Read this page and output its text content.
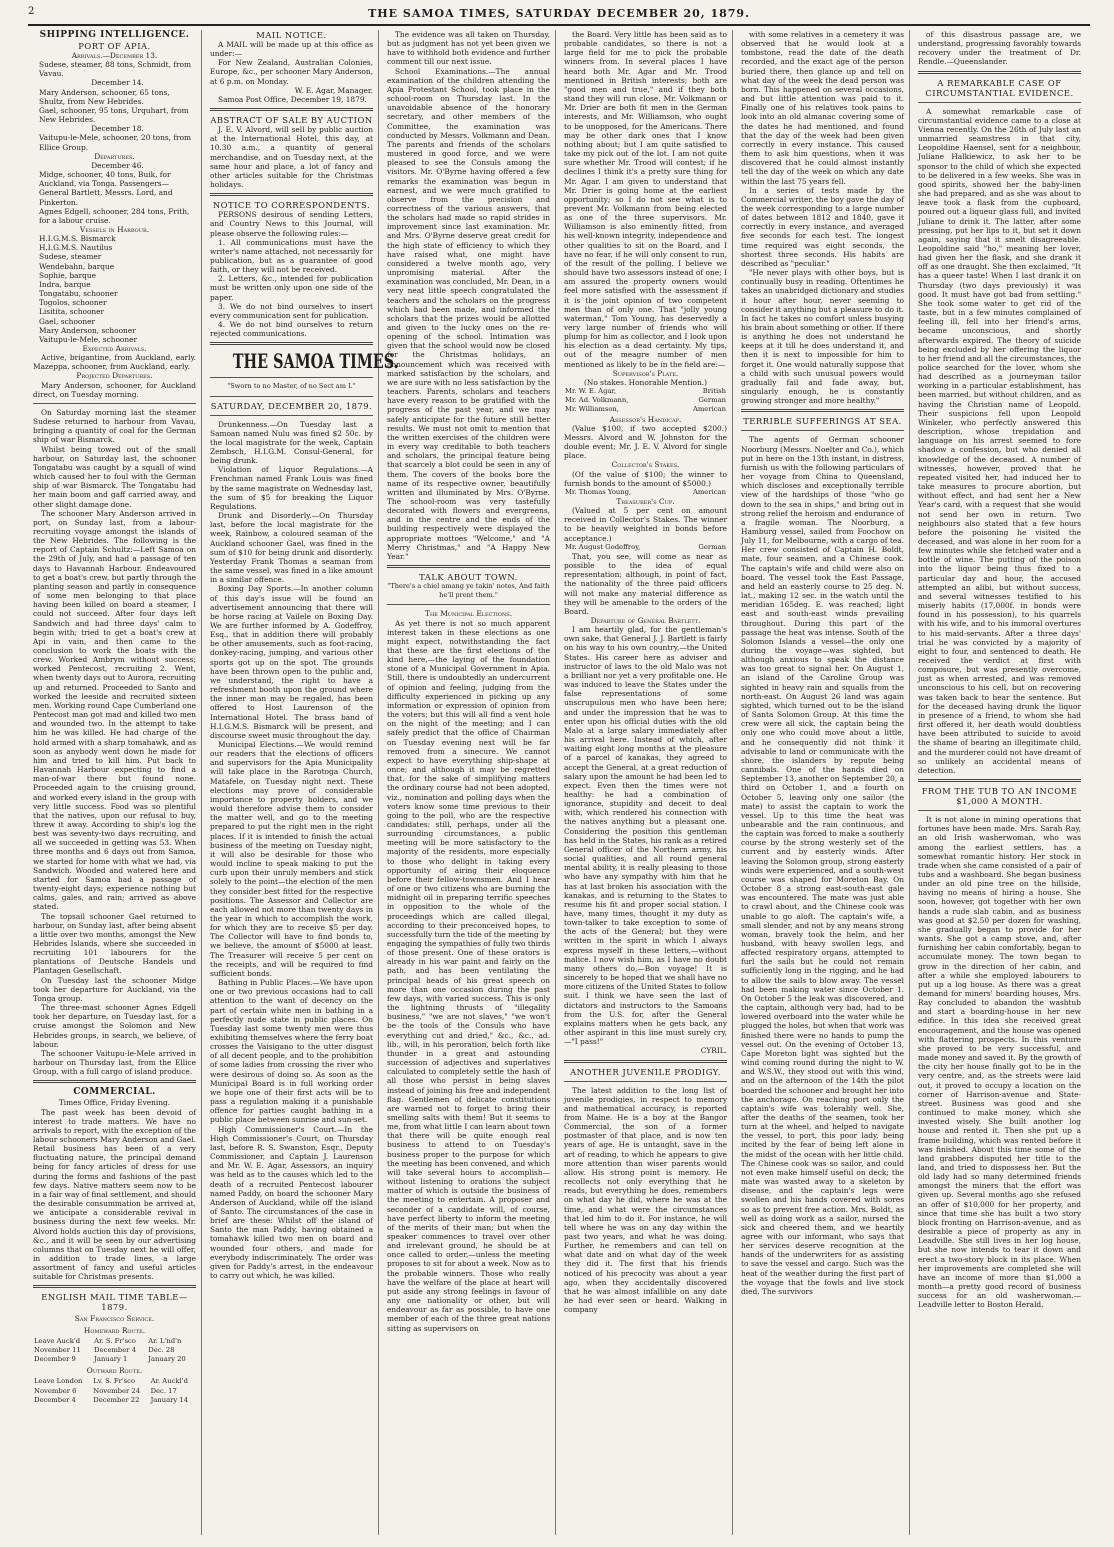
2	THE SAMOA TIMES, SATURDAY DECEMBER 20, 1879.
SHIPPING INTELLIGENCE.
PORT OF APIA.
Arrivals.—December 13.
Sudese, steamer, 88 tons, Schmidt, from Vavau.
December 14.
Mary Anderson, schooner, 65 tons, Shultz, from New Hebrides.
Gael, schooner, 95 tons, Urquhart, from New Hebrides.
December 18.
Vaitupu-le-Mele, schooner, 20 tons, from Ellice Group.
Departures.
December 46.
Midge, schooner, 40 tons, Buik, for Auckland, via Tonga. Passengers—General Bartlett, Messrs. Lord, and Pinkerton.
Agnes Edgell, schooner, 284 tons, Frith, for a labour cruise.
Vessels in Harbour.
H.I.G.M.S. Bismarck
H.I.G.M.S. Nautilus
Sudese, steamer
Wendebahn, barque
Sophie, barque
Indra, barque
Tongatabu, schooner
Togolos, schooner
Lisitita, schooner
Gael, schooner
Mary Anderson, schooner
Vaitupu-le-Mele, schooner
Expected Arrivals.

Active, brigantine, from Auckland, early. Mazeppa, schooner, from Auckland, early.

Projected Departures.

Mary Anderson, schooner, for Auckland direct, on Tuesday morning.

On Saturday morning last the steamer Sudese returned to harbour from Vavau, bringing a quantity of coal for the German ship of war Bismarck.

Whilst being towed out of the small harbour, on Saturday last, the schooner Tongatabu was caught by a squall of wind which caused her to foul with the German ship of war Bismarck. The Tongatabu had her main boom and gaff carried away, and other slight damage done.

The schooner Mary Anderson arrived in port, on Sunday last, from a labour-recruiting voyage amongst the islands of the New Hebrides. The following is the report of Captain Schultz:—Left Samoa on the 29th of July, and had a passage of ten days to Havannah Harbour. Endeavoured to get a boat's crew, but partly through the planting season and partly in consequence of some men belonging to that place having been killed on board a steamer, I could not succeed. After four days left Sandwich and had three days' calm to begin with; tried to get a boat's crew at Api in vain, and then came to the conclusion to work the boats with the crew. Worked Ambrym without success; worked Pentecost, recruiting 2. Went, when twenty days out to Aurora, recruiting up and returned. Proceeded to Santo and worked the leeside and recruited sixteen men. Working round Cape Cumberland one Pentecost man got mad and killed two men and wounded two. In the attempt to take him he was killed. He had charge of the hold armed with a sharp tomahawk, and as soon as anybody went down he made for him and tried to kill him. Put back to Havannah Harbour expecting to find a man-of-war there but found none. Proceeded again to the cruising ground, and worked every island in the group with very little success. Food was so plentiful that the natives, upon our refusal to buy, threw it away. According to ship's log the best was seventy-two days recruiting, and all we succeeded in getting was 53. When three months and 6 days out from Samoa, we started for home with what we had, via Sandwich. Wooded and watered here and started for Samoa had a passage of twenty-eight days; experience nothing but calms, gales, and rain; arrived as above stated.

The topsail schooner Gael returned to harbour, on Sunday last, after being absent a little over two months, amongst the New Hebrides Islands, where she succeeded in recruiting 101 labourers for the plantations of Deutsche Handels und Plantagen Gesellschaft.

On Tuesday last the schooner Midge took her departure for Auckland, via the Tonga group.

The three-mast schooner Agnes Edgell took her departure, on Tuesday last, for a cruise amongst the Solomon and New Hebrides groups, in search, we believe, of labour.

The schooner Vaitupu-le-Mele arrived in harbour on Thursday last, from the Ellice Group, with a full cargo of island produce.

COMMERCIAL.

Times Office, Friday Evening.

The past week has been devoid of interest to trade matters. We have no arrivals to report, with the exception of the labour schooners Mary Anderson and Gael. Retail business has been of a very fluctuating nature, the principal demand being for fancy articles of dress for use during the forms and fashions of the past few days. Native matters seem now to be in a fair way of final settlement, and should the desirable consummation be arrived at, we anticipate a considerable revival in business during the next few weeks. Mr. Alvord holds auction this day of provisions, &c., and it will be seen by our advertising columns that on Tuesday next he will offer, in addition to trade lines, a large assortment of fancy and useful articles suitable for Christmas presents.

ENGLISH MAIL TIME TABLE—1879.
San Francisco Service.
Homeward Route.
Leave Auck'd	Ar. S. Fr'sco	Ar. L'nd'n
November 11	December 4	Dec. 28
December 9	January 1	January 20
Outward Route.
Leave London	Lv. S. Fr'sco	Ar. Auckl'd
November 6	November 24	Dec. 17
December 4	December 22	January 14
MAIL NOTICE.

A MAIL will be made up at this office as under:—

For New Zealand, Australian Colonies, Europe, &c., per schooner Mary Anderson, at 6 p.m. on Monday.

W. E. Agar, Manager.

Samoa Post Office, December 19, 1879.

ABSTRACT OF SALE BY AUCTION

J. E. V. Alvord, will sell by public auction at the International Hotel, this day, at 10.30 a.m., a quantity of general merchandise, and on Tuesday next, at the same hour and place, a lot of fancy and other articles suitable for the Christmas holidays.

NOTICE TO CORRESPONDENTS.

PERSONS desirous of sending Letters, and Country News to this Journal, will please observe the following rules:—

1. All communications must have the writer's name attached, not necessarily for publication, but as a guarantee of good faith, or they will not be received.

2. Letters, &c., intended for publication must be written only upon one side of the paper.

3. We do not bind ourselves to insert every communication sent for publication.

4. We do not bind ourselves to return rejected communications.

THE SAMOA TIMES.

"Sworn to no Master, of no Sect am I."

SATURDAY, DECEMBER 20, 1879.

Drunkenness.—On Tuesday last a Samoan named Nulu was fined $2 50c. by the local magistrate for the week, Captain Zembsch, H.I.G.M. Consul-General, for being drunk.

Violation of Liquor Regulations.—A Frenchman named Frank Louis was fined by the same magistrate on Wednesday last, the sum of $5 for breaking the Liquor Regulations.

Drunk and Disorderly.—On Thursday last, before the local magistrate for the week, Rainbow, a coloured seaman of the Auckland schooner Gael, was fined in the sum of $10 for being drunk and disorderly. Yesterday Frank Thomas a seaman from the same vessel, was fined in a like amount in a similar offence.

Boxing Day Sports.—In another column of this day's issue will be found an advertisement announcing that there will be horse racing at Vailele on Boxing Day. We are further informed by A. Godeffroy, Esq., that in addition there will probably be other amusements, such as foot-racing, donkey-racing, jumping, and various other sports got up on the spot. The grounds have been thrown open to the public and, we understand, the right to have a refreshment booth upon the ground where the inner man may be regaled, has been offered to Host Laurenson of the International Hotel. The brass band of H.I.G.M.S. Bismarck will be present, and discourse sweet music throughout the day.

Municipal Elections.—We would remind our readers that the elections of officers and supervisors for the Apia Municipality will take place in the Rarotoga Church, Matafele, on Tuesday night next. These elections may prove of considerable importance to property holders, and we would therefore advise them to consider the matter well, and go to the meeting prepared to put the right men in the right places. If it is intended to finish the actual business of the meeting on Tuesday night, it will also be desirable for those who would incline to speak making to put the curb upon their unruly members and stick solely to the point—the election of the men they consider best fitted for the respective positions. The Assessor and Collector are each allowed not more than twenty days in the year in which to accomplish the work, for which they are to receive $5 per day. The Collector will have to find bonds to, we believe, the amount of $5000 at least. The Treasurer will receive 5 per cent on the receipts, and will be required to find sufficient bonds.

Bathing in Public Places.—We have upon one or two previous occasions had to call attention to the want of decency on the part of certain white men in bathing in a perfectly nude state in public places. On Tuesday last some twenty men were thus exhibiting themselves where the ferry boat crosses the Vaisigano to the utter disgust of all decent people, and to the prohibition of some ladies from crossing the river who were desirous of doing so. As soon as the Municipal Board is in full working order we hope one of their first acts will be to pass a regulation making it a punishable offence for parties caught bathing in a public place between sunrise and sun-set.

High Commissioner's Court.—In the High Commissioner's Court, on Thursday last, before R. S. Swanston, Esqr., Deputy Commissioner, and Captain J. Laurenson and Mr. W. E. Agar, Assessors, an inquiry was held as to the causes which led to the death of a recruited Pentecost labourer named Paddy, on board the schooner Mary Anderson of Auckland, while off the island of Santo. The circumstances of the case in brief are these: Whilst off the island of Santo the man Paddy, having obtained a tomahawk killed two men on board and wounded four others, and made for everybody indiscriminately. The order was given for Paddy's arrest, in the endeavour to carry out which, he was killed.

The evidence was all taken on Thursday, but as judgment has not yet been given we have to withhold both evidence and further comment till our next issue.

School Examinations.—The annual examination of the children attending the Apia Protestant School, took place in the school-room on Thursday last. In the unavoidable absence of the honorary secretary, and other members of the Committee, the examination was conducted by Messrs. Volkmann and Dean. The parents and friends of the scholars mustered in good force, and we were pleased to see the Consuls among the visitors. Mr. O'Byrne having offered a few remarks the examination was begun in earnest, and we were much gratified to observe from the precision and correctness of the various answers, that the scholars had made so rapid strides in improvement since last examination. Mr. and Mrs. O'Byrne deserve great credit for the high state of efficiency to which they have raised what, one might have considered a twelve month ago, very unpromising material. After the examination was concluded, Mr. Dean, in a very neat little speech congratulated the teachers and the scholars on the progress which had been made, and informed the scholars that the prizes would be allotted and given to the lucky ones on the re-opening of the school. Intimation was given that the school would now be closed for the Christmas holidays, an announcement which was received with marked satisfaction by the scholars, and we are sure with no less satisfaction by the teachers. Parents, scholars and teachers have every reason to be gratified with the progress of the past year, and we may safely anticipate for the future still better results. We must not omit to mention that the written exercises of the children were in every way creditable to both teachers and scholars, the principal feature being that scarcely a blot could be seen in any of them. The covers of the books bore the name of its respective owner, beautifully written and illuminated by Mrs. O'Byrne. The school-room was very tastefully decorated with flowers and evergreens, and in the centre and the ends of the building respectively were displayed the appropriate mottoes "Welcome," and "A Merry Christmas," and "A Happy New Year."

TALK ABOUT TOWN.

"There's a chiel amang ye takin' notes, And faith he'll prent them."

The Municipal Elections.

As yet there is not so much apparent interest taken in these elections as one might expect, notwithstanding the fact that these are the first elections of the kind here,—the laying of the foundation stone of a Municipal Government in Apia. Still, there is undoubtedly an undercurrent of opinion and feeling, judging from the difficulty experienced in picking up any information or expression of opinion from the voters; but this will all find a vent hole on the night of the meeting; and I can safely predict that the office of Chairman on Tuesday evening next will be far removed from a sinecure. We cannot expect to have everything ship-shape at once; and although it may be regretted that, for the sake of simplifying matters the ordinary course had not been adopted, viz., nomination and polling days when the voters know some time previous to their going to the poll, who are the respective candidates: still, perhaps, under all the surrounding circumstances, a public meeting will be more satisfactory to the majority of the residents, more especially to those who delight in taking every opportunity of airing their eloquence before their fellow-townsmen. And I hear of one or two citizens who are burning the midnight oil in preparing terrific speeches in opposition to the whole of the proceedings which are called illegal, according to their preconceived hopes, to successfully turn the tide of the meeting by engaging the sympathies of fully two thirds of those present. One of these orators is already in his war paint and fairly on the path, and has been ventilating the principal heads of his great speech on more than one occasion during the past few days, with varied success. This is only the lightning thrusts of "illegality business," "we are not slaves," "we won't be the tools of the Consuls who have everything cut and dried," &c., &c., ad. lib., will, in his peroration, belch forth like thunder in a great and astounding succession of adjectives and superlatives calculated to completely settle the hash of all those who persist in being slaves instead of joining his free and independent flag. Gentlemen of delicate constitutions are warned not to forget to bring their smelling salts with them! But it seems to me, from what little I can learn about town that there will be quite enough real business to attend to on Tuesday's business proper to the purpose for which the meeting has been convened, and which will take several hours to accomplish—without listening to orations the subject matter of which is outside the business of the meeting to entertain. A proposer and seconder of a candidate will, of course, have perfect liberty to inform the meeting of the merits of their man; but when the speaker commences to travel over other and irrelevant ground, he should be at once called to order,—unless the meeting proposes to sit for about a week. Now as to the probable winners. Those who really have the welfare of the place at heart will put aside any strong feelings in favour of any one nationality or other, but will endeavour as far as possible, to have one member of each of the three great nations sitting as supervisors on

the Board. Very little has been said as to probable candidates, so there is not a large field for me to pick the probable winners from. In several places I have heard both Mr. Agar and Mr. Trood mentioned in British interests; both are "good men and true," and if they both stand they will run close. Mr. Volkmann or Mr. Drier are both fit men in the German interests, and Mr. Williamson, who ought to be unopposed, for the Americans. There may be other dark ones that I know nothing about; but I am quite satisfied to take my pick out of the lot. I am not quite sure whether Mr. Trood will contest; if he declines I think it's a pretty sure thing for Mr. Agar. I am given to understand that Mr. Drier is going home at the earliest opportunity; so I do not see what is to prevent Mr. Volkmann from being elected as one of the three supervisors. Mr. Williamson is also eminently fitted, from his well-known integrity, independence and other qualities to sit on the Board, and I have no fear, if he will only consent to run, of the result of the polling. I believe we should have two assessors instead of one; I am assured the property owners would feel more satisfied with the assessment if it is the joint opinion of two competent men than of only one. That "jolly young waterman," Tom Young, has deservedly a very large number of friends who will plump for him as collector, and I look upon his election as a dead certainty. My tips, out of the meagre number of men mentioned as likely to be in the field are:—

Supervisor's Plate.

(No stakes. Honorable Mention.)

Mr. W. E. Agar,	British
Mr. Ad. Volkmann,	German
Mr. Williamson,	American
Assessor's Handicap.

(Value $100, if two accepted $200.) Messrs. Alvord and W. Johnston for the double event; Mr. J. E. V. Alvord for single place.

Collector's Stakes.

(Of the value of $100; the winner to furnish bonds to the amount of $5000.)

Mr. Thomas Young,	American
Treasurer's Cup.

(Valued at 5 per cent on amount received in Collector's Stakes. The winner to be heavily weighted in bonds before acceptance.)

Mr. August Godeffroy,	German

That, you see, will come as near as possible to the idea of equal representation; although, in point of fact, the nationality of the three paid officers will not make any material difference as they will be amenable to the orders of the Board.

Departure of General Bartlett.

I am heartily glad, for the gentleman's own sake, that General J. J. Bartlett is fairly on his way to his own country,—the United States. His career here as adviser and instructor of laws to the old Malo was not a brilliant nor yet a very profitable one. He was induced to leave the States under the false representations of some unscrupulous men who have been here; and under the impression that he was to enter upon his official duties with the old Malo at a large salary immediately after his arrival here. Instead of which, after waiting eight long months at the pleasure of a parcel of kanakas, they agreed to accept the General, at a great reduction of salary upon the amount he had been led to expect. Even then the times were not healthy: he had a combination of ignorance, stupidity and deceit to deal with, which rendered his connection with the natives anything but a pleasant one. Considering the position this gentleman has held in the States, his rank as a retired General officer of the Northern army, his social qualities, and all round general mental ability, it is really pleasing to those who have any sympathy with him that he has at last broken his association with the kanakas, and is returning to the States to resume his fit and proper social station. I have, many times, thought it my duty as town-talker to take exception to some of the acts of the General; but they were written in the spirit in which I always express myself in these letters,—without malice. I now wish him, as I have no doubt many others do,—Bon voyage! It is sincerely to be hoped that we shall have no more citizens of the United States to follow suit. I think we have seen the last of dictators and instructors to the Samoans from the U.S. for, after the General explains matters when he gets back, any other aspirant in this line must surely cry,—"I pass!"

CYRIL.

ANOTHER JUVENILE PRODIGY.

The latest addition to the long list of juvenile prodigies, in respect to memory and mathematical accuracy, is reported from Maine. He is a boy at the Bangor Commercial, the son of a former postmaster of that place, and is now ten years of age. He is untaught, save in the art of reading, to which he appears to give more attention than wiser parents would allow. His strong point is memory. He recollects not only everything that he reads, but everything he does, remembers on what day he did, where he was at the time, and what were the circumstances that led him to do it. For instance, he will tell where he was on any day within the past two years, and what he was doing. Further, he remembers and can tell on what date and on what day of the week they did it. The first that his friends noticed of his precocity was about a year ago, when they accidentally discovered that he was almost infallible on any date he had ever seen or heard. Walking in company

with some relatives in a cemetery it was observed that he would look at a tombstone, read the date of the death recorded, and the exact age of the person buried there, then glance up and tell on what day of the week the dead person was born. This happened on several occasions, and but little attention was paid to it. Finally one of his relatives took pains to look into an old almanac covering some of the dates he had mentioned, and found that the day of the week had been given correctly in every instance. This caused them to ask him questions, when it was discovered that he could almost instantly tell the day of the week on which any date within the last 75 years fell.

In a series of tests made by the Commercial writer, the boy gave the day of the week corresponding to a large number of dates between 1812 and 1840, gave it correctly in every instance, and averaged five seconds for each test. The longest time required was eight seconds, the shortest three seconds. His habits are described as "peculiar."

"He never plays with other boys, but is continually busy in reading. Oftentimes he takes an unabridged dictionary and studies it hour after hour, never seeming to consider it anything but a pleasure to do it. In fact he takes no comfort unless busying his brain about something or other. If there is anything he does not understand he keeps at it till he does understand it, and then it is next to impossible for him to forget it. One would naturally suppose that a child with such unusual powers would gradually fail and fade away, but, singularly enough, he is constantly growing stronger and more healthy."

TERRIBLE SUFFERINGS AT SEA.

The agents of German schooner Noorburg (Messrs. Noelter and Co.), which put in here on the 13th instant, in distress, furnish us with the following particulars of her voyage from China to Queensland, which discloses and exceptionally terrible view of the hardships of those "who go down to the sea in ships," and bring out in strong relief the heroism and endurance of a fragile woman. The Noorburg, a Hamburg vessel, sailed from Foochow on July 11, for Melbourne, with a cargo of tea. Her crew consisted of Captain H. Boldt, mate, four seamen, and a Chinese cook. The captain's wife and child were also on board. The vessel took the East Passage, and held an easterly course to 25 deg. N. lat., making 12 sec. in the watch until the meridian 165deg. E. was reached; light east and south-east winds prevailing throughout. During this part of the passage the heat was intense. South of the Solomon Islands a vessel—the only one during the voyage—was sighted, but although anxious to speak the distance was too great to signal her. On August 1, an island of the Caroline Group was sighted in heavy rain and squalls from the north-east. On August 26 land was again sighted, which turned out to be the island of Santa Solomon Group. At this time the crew were all sick, the captain being the only one who could move about a little, and he consequently did not think it advisable to land or communicate with the shore, the islanders by repute being cannibals. One of the hands died on September 13, another on September 20, a third on October 1, and a fourth on October 5, leaving only one sailor (the mate) to assist the captain to work the vessel. Up to this time the heat was unbearable and the rain continuous, and the captain was forced to make a southerly course by the strong westerly set of the current and by easterly winds. After leaving the Solomon group, strong easterly winds were experienced, and a south-west course was shaped for Moreton Bay. On October 8 a strong east-south-east gale was encountered. The mate was just able to crawl about, and the Chinese cook was unable to go aloft. The captain's wife, a small slender, and not by any means strong woman, bravely took the helm, and her husband, with heavy swollen legs, and affected respiratory organs, attempted to furl the sails but he could not remain sufficiently long in the rigging, and he had to allow the sails to blow away. The vessel had been making water since October 1. On October 5 the leak was discovered, and the captain, although very bad, had to be lowered overboard into the water while he plugged the holes, but when that work was finished there were no hands to pump the vessel out. On the evening of October 13, Cape Moreton light was sighted but the wind coming round during the night to W. and W.S.W., they stood out with this wind, and on the afternoon of the 14th the pilot boarded the schooner and brought her into the anchorage. On reaching port only the captain's wife was tolerably well. She, after the deaths of the seamen, took her turn at the wheel, and helped to navigate the vessel, to port, this poor lady, being incited by the fear of being left alone in the midst of the ocean with her little child. The Chinese cook was so sailor, and could not even make himself useful on deck; the mate was wasted away to a skeleton by disease, and the captain's legs were swollen and his hands covered with sores so as to prevent free action. Mrs. Boldt, as well as doing work as a sailor, nursed the sick and cheered them, and we heartily agree with our informant, who says that her services deserve recognition at the hands of the underwriters for as assisting to save the vessel and cargo. Such was the heat of the weather during the first part of the voyage that the fowls and live stock died. The survivors

of this disastrous passage are, we understand, progressing favorably towards recovery under the treatment of Dr. Rendle.—Queenslander.

A REMARKABLE CASE OF CIRCUMSTANTIAL EVIDENCE.

A somewhat remarkable case of circumstantial evidence came to a close at Vienna recently. On the 26th of July last an unmarried seamstress in that city, Leopoldine Haensel, sent for a neighbour, Juliane Halkiewicz, to ask her to be sponsor to the child of which she expected to be delivered in a few weeks. She was in good spirits, showed her the baby-linen she had prepared, and as she was about to leave took a flask from the cupboard, poured out a liqueur glass full, and invited Juliane to drink it. The latter, after some pressing, put her lips to it, but set it down again, saying that it smelt disagreeable. Leopoldine said "ho," meaning her lover, had given her the flask, and she drank it off as one draught. She then exclaimed, "It has a queer taste! When I last drank it on Thursday (two days previously) it was good. It must have got bad from settling." She took some water to get rid of the taste, but in a few minutes complained of feeling ill, fell into her friend's arms, became unconscious, and shortly afterwards expired. The theory of suicide being excluded by her offering the liquor to her friend and all the circumstances, the police searched for the lover, whom she had described as a journeyman tailor working in a particular establishment, has been married, but without children, and as having the Christian name of Leopold. Their suspicions fell upon Leopold Winkeler, who perfectly answered this description, whose trepidation and language on his arrest seemed to fore shadow a confession, but who denied all knowledge of the deceased. A number of witnesses, however, proved that he repeated visited her, had induced her to take measures to procure abortion, but without effect, and had sent her a New Year's card, with a request that she would not send her own in return. Two neighbours also stated that a few hours before the poisoning he visited the deceased, and was alone in her room for a few minutes while she fetched water and a bottle of wine. The putting of the poison into the liquor being thus fixed to a particular day and hour, the accused attempted an alibi, but without success, and several witnesses testified to his miserly habits (17,000f. in bonds were found in his possession), to his quarrels with his wife, and to his immoral overtures to his maid-servants. After a three days' trial he was convicted by a majority of eight to four, and sentenced to death. He received the verdict at first with composure, but was presently overcome, just as when arrested, and was removed unconscious to his cell, but on recovering was taken back to hear the sentence. But for the deceased having drunk the liquor in presence of a friend, to whom she had first offered it, her death would doubtless have been attributed to suicide to avoid the shame of bearing an illegitimate child, and the murderer could not have dreamt of so unlikely an accidental means of detection.

FROM THE TUB TO AN INCOME $1,000 A MONTH.

It is not alone in mining operations that fortunes have been made. Mrs. Sarah Ray, an old Irish washerwoman, who was among the earliest settlers, has a somewhat romantic history. Her stock in trade when she came consisted of a pair of tubs and a washboard. She began business under an old pine tree on the hillside, having no means of hiring a house. She soon, however, got together with her own hands a rude slab cabin, and as business was good at $2.50 per dozen for washing, she gradually began to provide for her wants. She got a camp stove, and, after furnishing her cabin comfortably, began to accumulate money. The town began to grow in the direction of her cabin, and after a while she employed labourers to put up a log house. As there was a great demand for miners' boarding houses, Mrs. Ray concluded to abandon the washtub and start a boarding-house in her new edifice. In this idea she received great encouragement, and the house was opened with flattering prospects. In this venture she proved to be very successful, and made money and saved it. By the growth of the city her house finally got to be in the very centre, and, as the streets were laid out, it proved to occupy a location on the corner of Harrison-avenue and State-street. Business was good and she continued to make money, which she invested wisely. She built another log house and rented it. Then she put up a frame building, which was rented before it was finished. About this time some of the land grabbers disputed her title to the land, and tried to dispossess her. But the old lady had so many determined friends amongst the miners that the effort was given up. Several months ago she refused an offer of $10,000 for her property, and since that time she has built a two story block fronting on Harrison-avenue, and as desirable a piece of property as any in Leadville. She still lives in her log house, but she now intends to tear it down and erect a two-story block in its place. When her improvements are completed she will have an income of more than $1,000 a month—a pretty good record of business success for an old washerwoman.—Leadville letter to Boston Herald.
